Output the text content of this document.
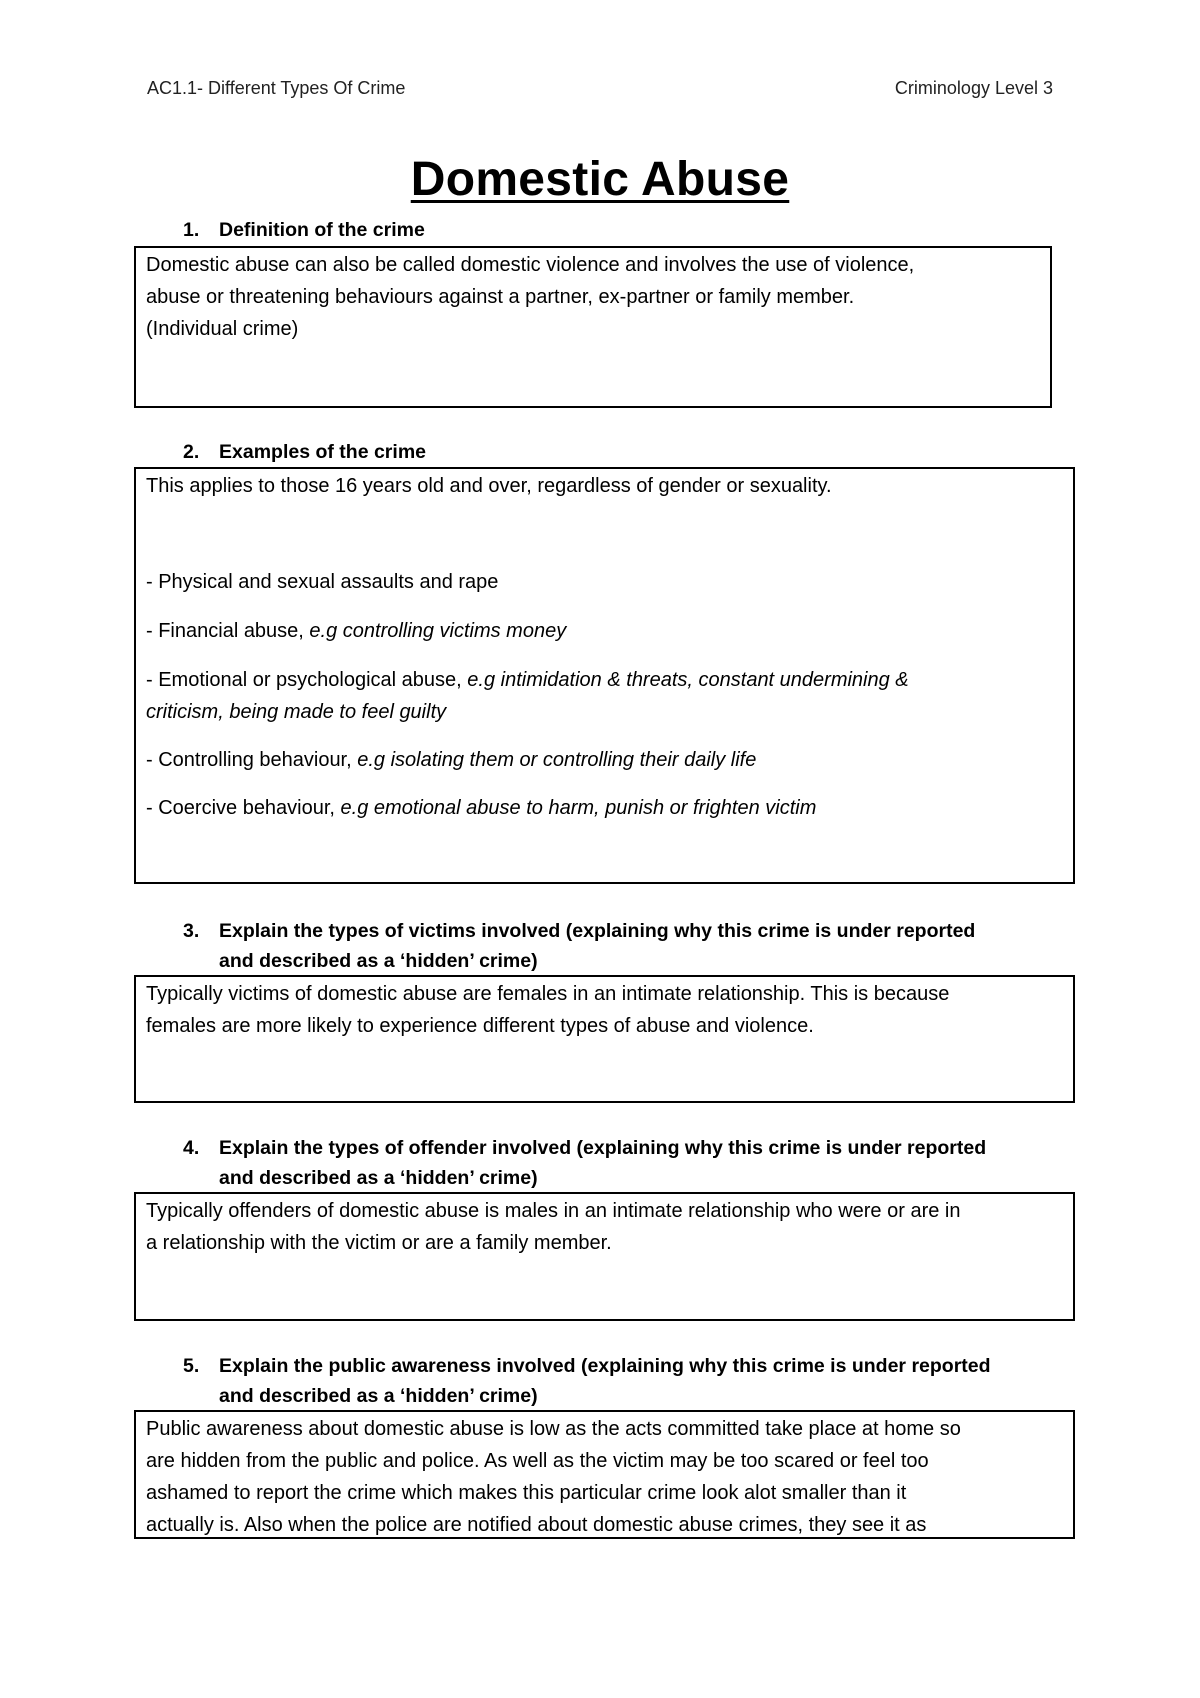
AC1.1- Different Types Of Crime	Criminology Level 3
Domestic Abuse
1.	Definition of the crime

Domestic abuse can also be called domestic violence and involves the use of violence,

abuse or threatening behaviours against a partner, ex-partner or family member.

(Individual crime)

2.	Examples of the crime

This applies to those 16 years old and over, regardless of gender or sexuality.

- Physical and sexual assaults and rape

- Financial abuse, e.g controlling victims money

- Emotional or psychological abuse, e.g intimidation & threats, constant undermining &
criticism, being made to feel guilty

- Controlling behaviour, e.g isolating them or controlling their daily life

- Coercive behaviour, e.g emotional abuse to harm, punish or frighten victim

3.	Explain the types of victims involved (explaining why this crime is under reported
and described as a ‘hidden’ crime)

Typically victims of domestic abuse are females in an intimate relationship. This is because

females are more likely to experience different types of abuse and violence.

4.	Explain the types of offender involved (explaining why this crime is under reported
and described as a ‘hidden’ crime)

Typically offenders of domestic abuse is males in an intimate relationship who were or are in

a relationship with the victim or are a family member.

5.	Explain the public awareness involved (explaining why this crime is under reported
and described as a ‘hidden’ crime)

Public awareness about domestic abuse is low as the acts committed take place at home so

are hidden from the public and police. As well as the victim may be too scared or feel too

ashamed to report the crime which makes this particular crime look alot smaller than it

actually is. Also when the police are notified about domestic abuse crimes, they see it as
